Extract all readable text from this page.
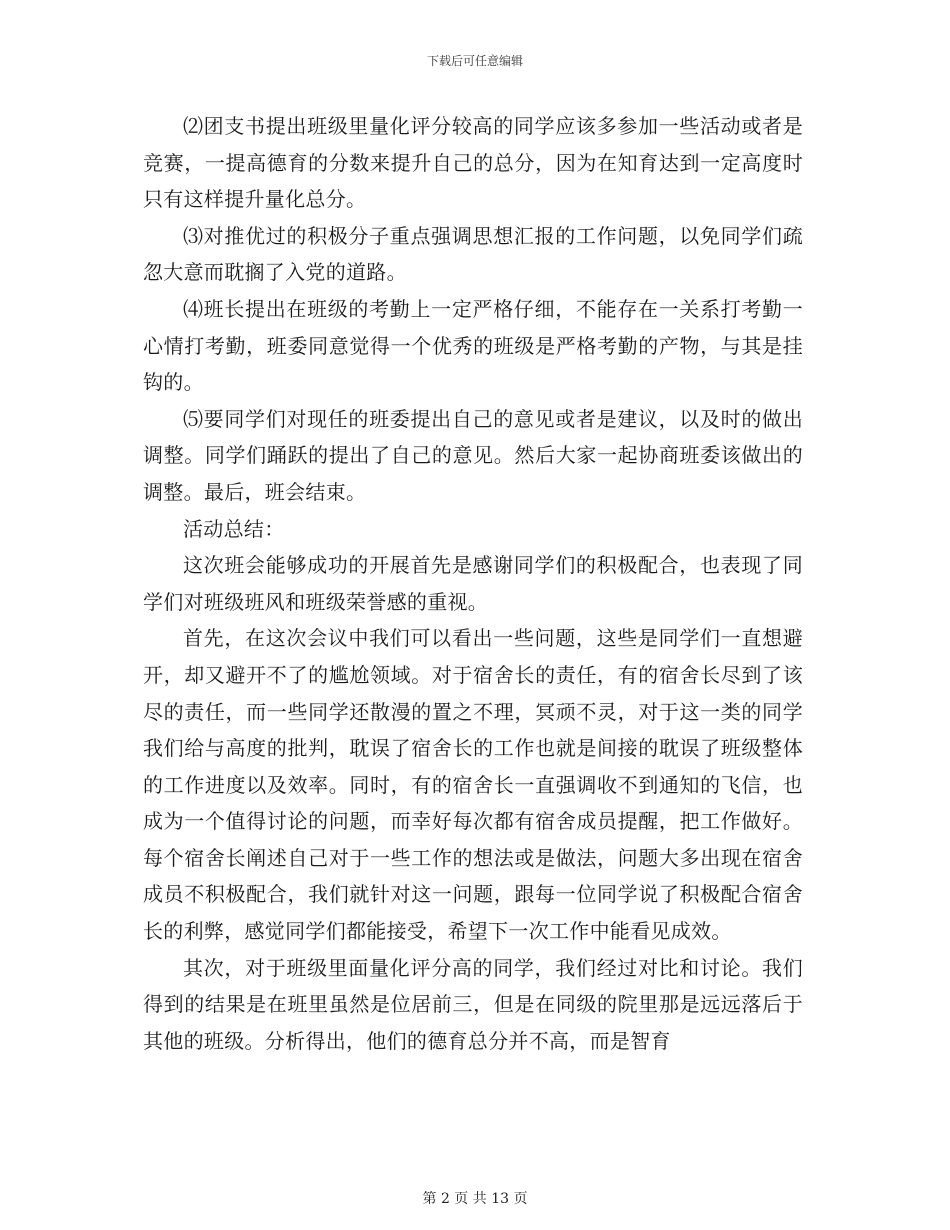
下载后可任意编辑

⑵团支书提出班级里量化评分较高的同学应该多参加一些活动或者是竞赛，一提高德育的分数来提升自己的总分，因为在知育达到一定高度时只有这样提升量化总分。

⑶对推优过的积极分子重点强调思想汇报的工作问题，以免同学们疏忽大意而耽搁了入党的道路。

⑷班长提出在班级的考勤上一定严格仔细，不能存在一关系打考勤一心情打考勤，班委同意觉得一个优秀的班级是严格考勤的产物，与其是挂钩的。

⑸要同学们对现任的班委提出自己的意见或者是建议，以及时的做出调整。同学们踊跃的提出了自己的意见。然后大家一起协商班委该做出的调整。最后，班会结束。

活动总结：

这次班会能够成功的开展首先是感谢同学们的积极配合，也表现了同学们对班级班风和班级荣誉感的重视。

首先，在这次会议中我们可以看出一些问题，这些是同学们一直想避开，却又避开不了的尴尬领域。对于宿舍长的责任，有的宿舍长尽到了该尽的责任，而一些同学还散漫的置之不理，冥顽不灵，对于这一类的同学我们给与高度的批判，耽误了宿舍长的工作也就是间接的耽误了班级整体的工作进度以及效率。同时，有的宿舍长一直强调收不到通知的飞信，也成为一个值得讨论的问题，而幸好每次都有宿舍成员提醒，把工作做好。每个宿舍长阐述自己对于一些工作的想法或是做法，问题大多出现在宿舍成员不积极配合，我们就针对这一问题，跟每一位同学说了积极配合宿舍长的利弊，感觉同学们都能接受，希望下一次工作中能看见成效。

其次，对于班级里面量化评分高的同学，我们经过对比和讨论。我们得到的结果是在班里虽然是位居前三，但是在同级的院里那是远远落后于其他的班级。分析得出，他们的德育总分并不高，而是智育

第 2 页 共 13 页
